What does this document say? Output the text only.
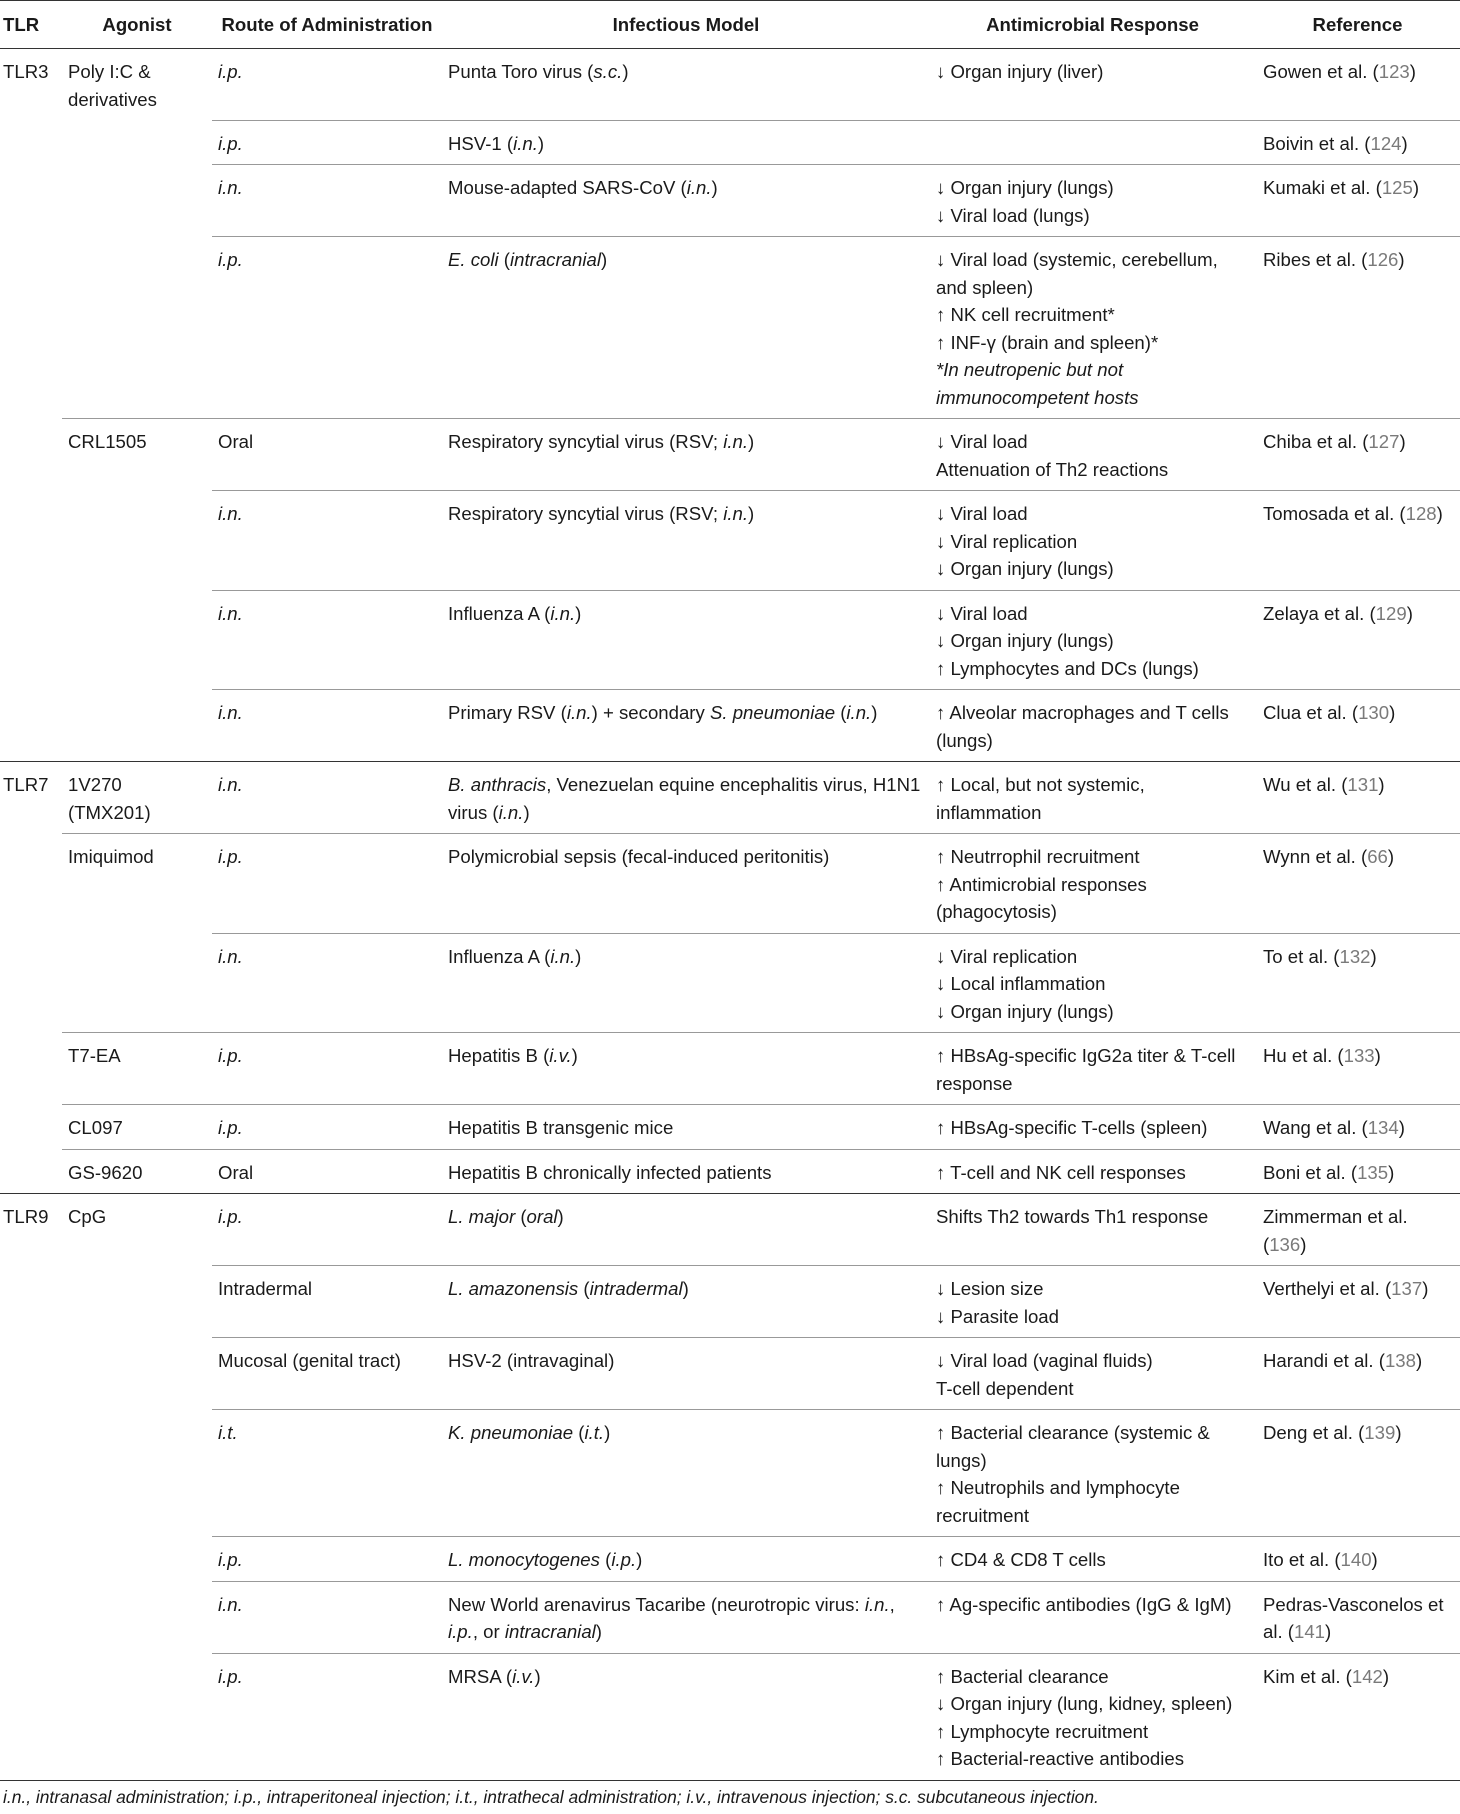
TLR	Agonist	Route of Administration	Infectious Model	Antimicrobial Response	Reference
TLR3	Poly I:C & derivatives	i.p.	Punta Toro virus (s.c.)	↓ Organ injury (liver)	Gowen et al. (123)
		i.p.	HSV-1 (i.n.)		Boivin et al. (124)
		i.n.	Mouse-adapted SARS-CoV (i.n.)	↓ Organ injury (lungs)
↓ Viral load (lungs)	Kumaki et al. (125)
		i.p.	E. coli (intracranial)	↓ Viral load (systemic, cerebellum, and spleen)
↑ NK cell recruitment*
↑ INF-γ (brain and spleen)*
*In neutropenic but not immunocompetent hosts	Ribes et al. (126)
	CRL1505	Oral	Respiratory syncytial virus (RSV; i.n.)	↓ Viral load
Attenuation of Th2 reactions	Chiba et al. (127)
		i.n.	Respiratory syncytial virus (RSV; i.n.)	↓ Viral load
↓ Viral replication
↓ Organ injury (lungs)	Tomosada et al. (128)
		i.n.	Influenza A (i.n.)	↓ Viral load
↓ Organ injury (lungs)
↑ Lymphocytes and DCs (lungs)	Zelaya et al. (129)
		i.n.	Primary RSV (i.n.) + secondary S. pneumoniae (i.n.)	↑ Alveolar macrophages and T cells (lungs)	Clua et al. (130)
TLR7	1V270 (TMX201)	i.n.	B. anthracis, Venezuelan equine encephalitis virus, H1N1 virus (i.n.)	↑ Local, but not systemic, inflammation	Wu et al. (131)
	Imiquimod	i.p.	Polymicrobial sepsis (fecal-induced peritonitis)	↑ Neutrrophil recruitment
↑ Antimicrobial responses (phagocytosis)	Wynn et al. (66)
		i.n.	Influenza A (i.n.)	↓ Viral replication
↓ Local inflammation
↓ Organ injury (lungs)	To et al. (132)
	T7-EA	i.p.	Hepatitis B (i.v.)	↑ HBsAg-specific IgG2a titer & T-cell response	Hu et al. (133)
	CL097	i.p.	Hepatitis B transgenic mice	↑ HBsAg-specific T-cells (spleen)	Wang et al. (134)
	GS-9620	Oral	Hepatitis B chronically infected patients	↑ T-cell and NK cell responses	Boni et al. (135)
TLR9	CpG	i.p.	L. major (oral)	Shifts Th2 towards Th1 response	Zimmerman et al. (136)
		Intradermal	L. amazonensis (intradermal)	↓ Lesion size
↓ Parasite load	Verthelyi et al. (137)
		Mucosal (genital tract)	HSV-2 (intravaginal)	↓ Viral load (vaginal fluids)
T-cell dependent	Harandi et al. (138)
		i.t.	K. pneumoniae (i.t.)	↑ Bacterial clearance (systemic & lungs)
↑ Neutrophils and lymphocyte recruitment	Deng et al. (139)
		i.p.	L. monocytogenes (i.p.)	↑ CD4 & CD8 T cells	Ito et al. (140)
		i.n.	New World arenavirus Tacaribe (neurotropic virus: i.n., i.p., or intracranial)	↑ Ag-specific antibodies (IgG & IgM)	Pedras-Vasconelos et al. (141)
		i.p.	MRSA (i.v.)	↑ Bacterial clearance
↓ Organ injury (lung, kidney, spleen)
↑ Lymphocyte recruitment
↑ Bacterial-reactive antibodies	Kim et al. (142)
i.n., intranasal administration; i.p., intraperitoneal injection; i.t., intrathecal administration; i.v., intravenous injection; s.c. subcutaneous injection.
